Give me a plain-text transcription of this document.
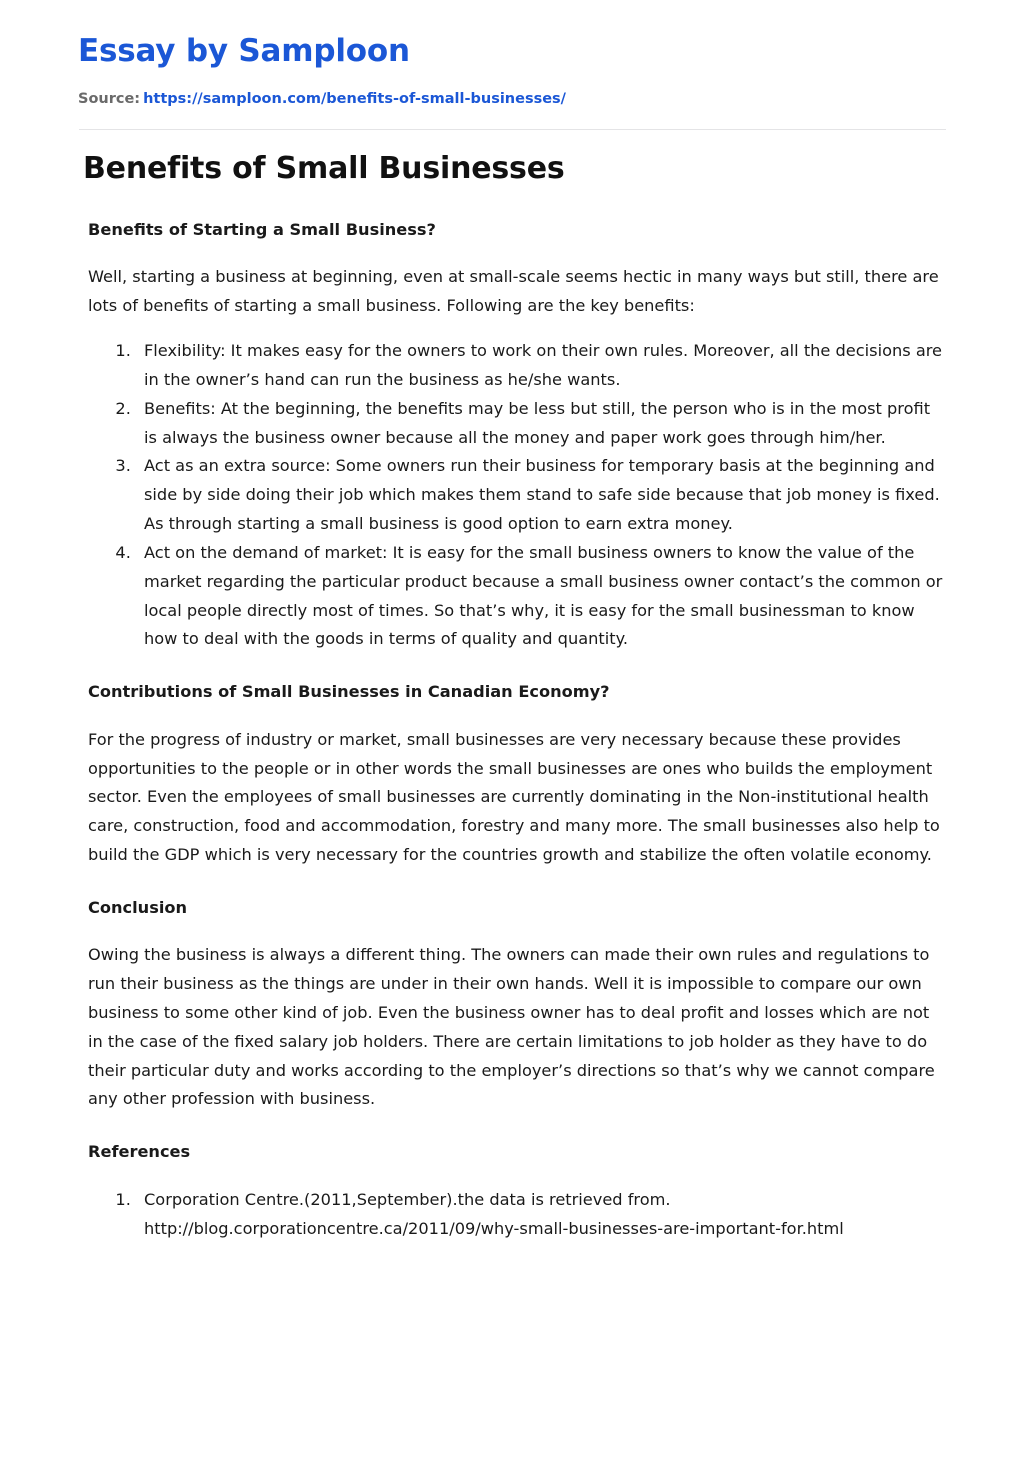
Essay by Samploon
Source: https://samploon.com/benefits-of-small-businesses/
Benefits of Small Businesses
Benefits of Starting a Small Business?

Well, starting a business at beginning, even at small-scale seems hectic in many ways but still, there are lots of benefits of starting a small business. Following are the key benefits:

1. Flexibility: It makes easy for the owners to work on their own rules. Moreover, all the decisions are in the owner’s hand can run the business as he/she wants.
2. Benefits: At the beginning, the benefits may be less but still, the person who is in the most profit is always the business owner because all the money and paper work goes through him/her.
3. Act as an extra source: Some owners run their business for temporary basis at the beginning and side by side doing their job which makes them stand to safe side because that job money is fixed. As through starting a small business is good option to earn extra money.
4. Act on the demand of market: It is easy for the small business owners to know the value of the market regarding the particular product because a small business owner contact’s the common or local people directly most of times. So that’s why, it is easy for the small businessman to know how to deal with the goods in terms of quality and quantity.
Contributions of Small Businesses in Canadian Economy?

For the progress of industry or market, small businesses are very necessary because these provides opportunities to the people or in other words the small businesses are ones who builds the employment sector. Even the employees of small businesses are currently dominating in the Non-institutional health care, construction, food and accommodation, forestry and many more. The small businesses also help to build the GDP which is very necessary for the countries growth and stabilize the often volatile economy.

Conclusion

Owing the business is always a different thing. The owners can made their own rules and regulations to run their business as the things are under in their own hands. Well it is impossible to compare our own business to some other kind of job. Even the business owner has to deal profit and losses which are not in the case of the fixed salary job holders. There are certain limitations to job holder as they have to do their particular duty and works according to the employer’s directions so that’s why we cannot compare any other profession with business.

References
1. Corporation Centre.(2011,September).the data is retrieved from. http://blog.corporationcentre.ca/2011/09/why-small-businesses-are-important-for.html
